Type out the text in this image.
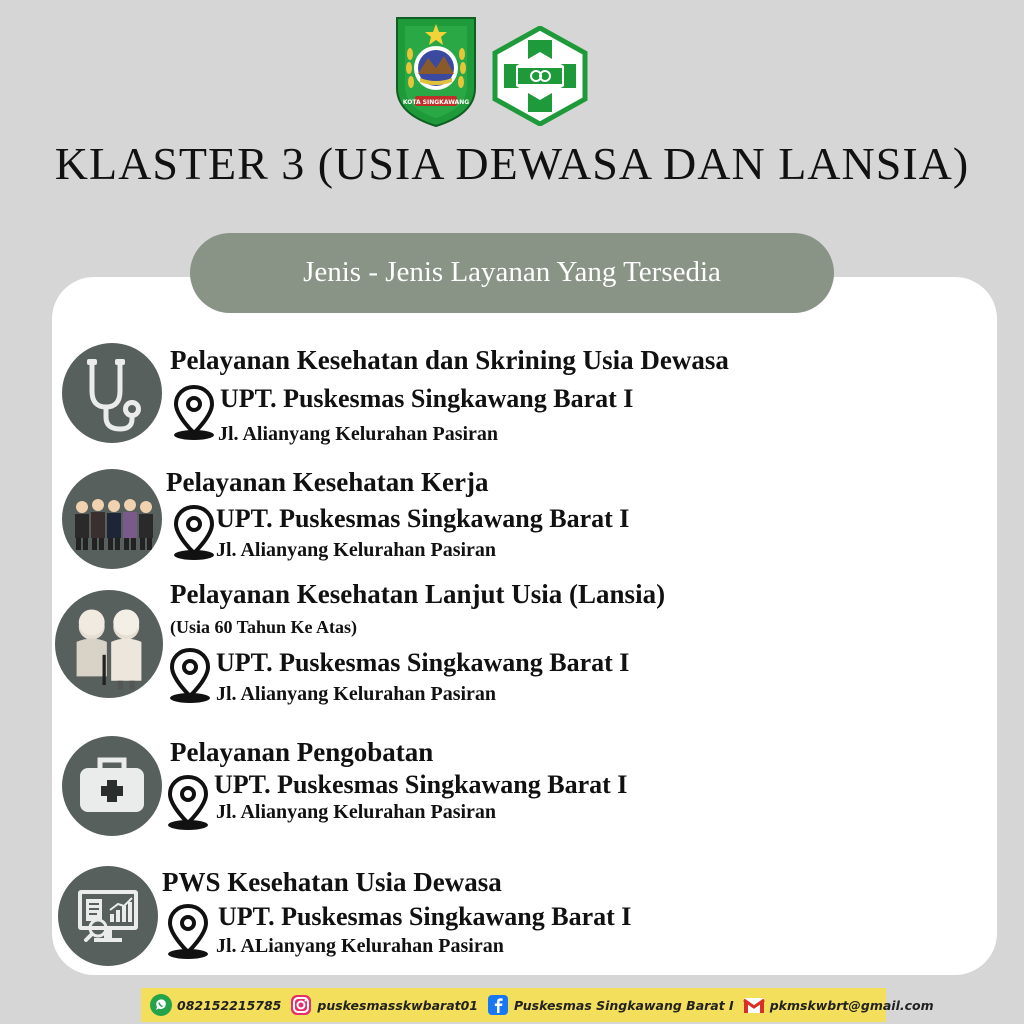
KOTA SINGKAWANG
KLASTER 3 (USIA DEWASA DAN LANSIA)
Jenis - Jenis Layanan Yang Tersedia
Pelayanan Kesehatan dan Skrining Usia Dewasa
UPT. Puskesmas Singkawang Barat I
Jl. Alianyang Kelurahan Pasiran
Pelayanan Kesehatan Kerja
UPT. Puskesmas Singkawang Barat I
Jl. Alianyang Kelurahan Pasiran
Pelayanan Kesehatan Lanjut Usia (Lansia)
(Usia 60 Tahun Ke Atas)
UPT. Puskesmas Singkawang Barat I
Jl. Alianyang Kelurahan Pasiran
Pelayanan Pengobatan
UPT. Puskesmas Singkawang Barat I
Jl. Alianyang Kelurahan Pasiran
PWS Kesehatan Usia Dewasa
UPT. Puskesmas Singkawang Barat I
Jl. ALianyang Kelurahan Pasiran
082152215785	puskesmasskwbarat01	Puskesmas Singkawang Barat I	pkmskwbrt@gmail.com
